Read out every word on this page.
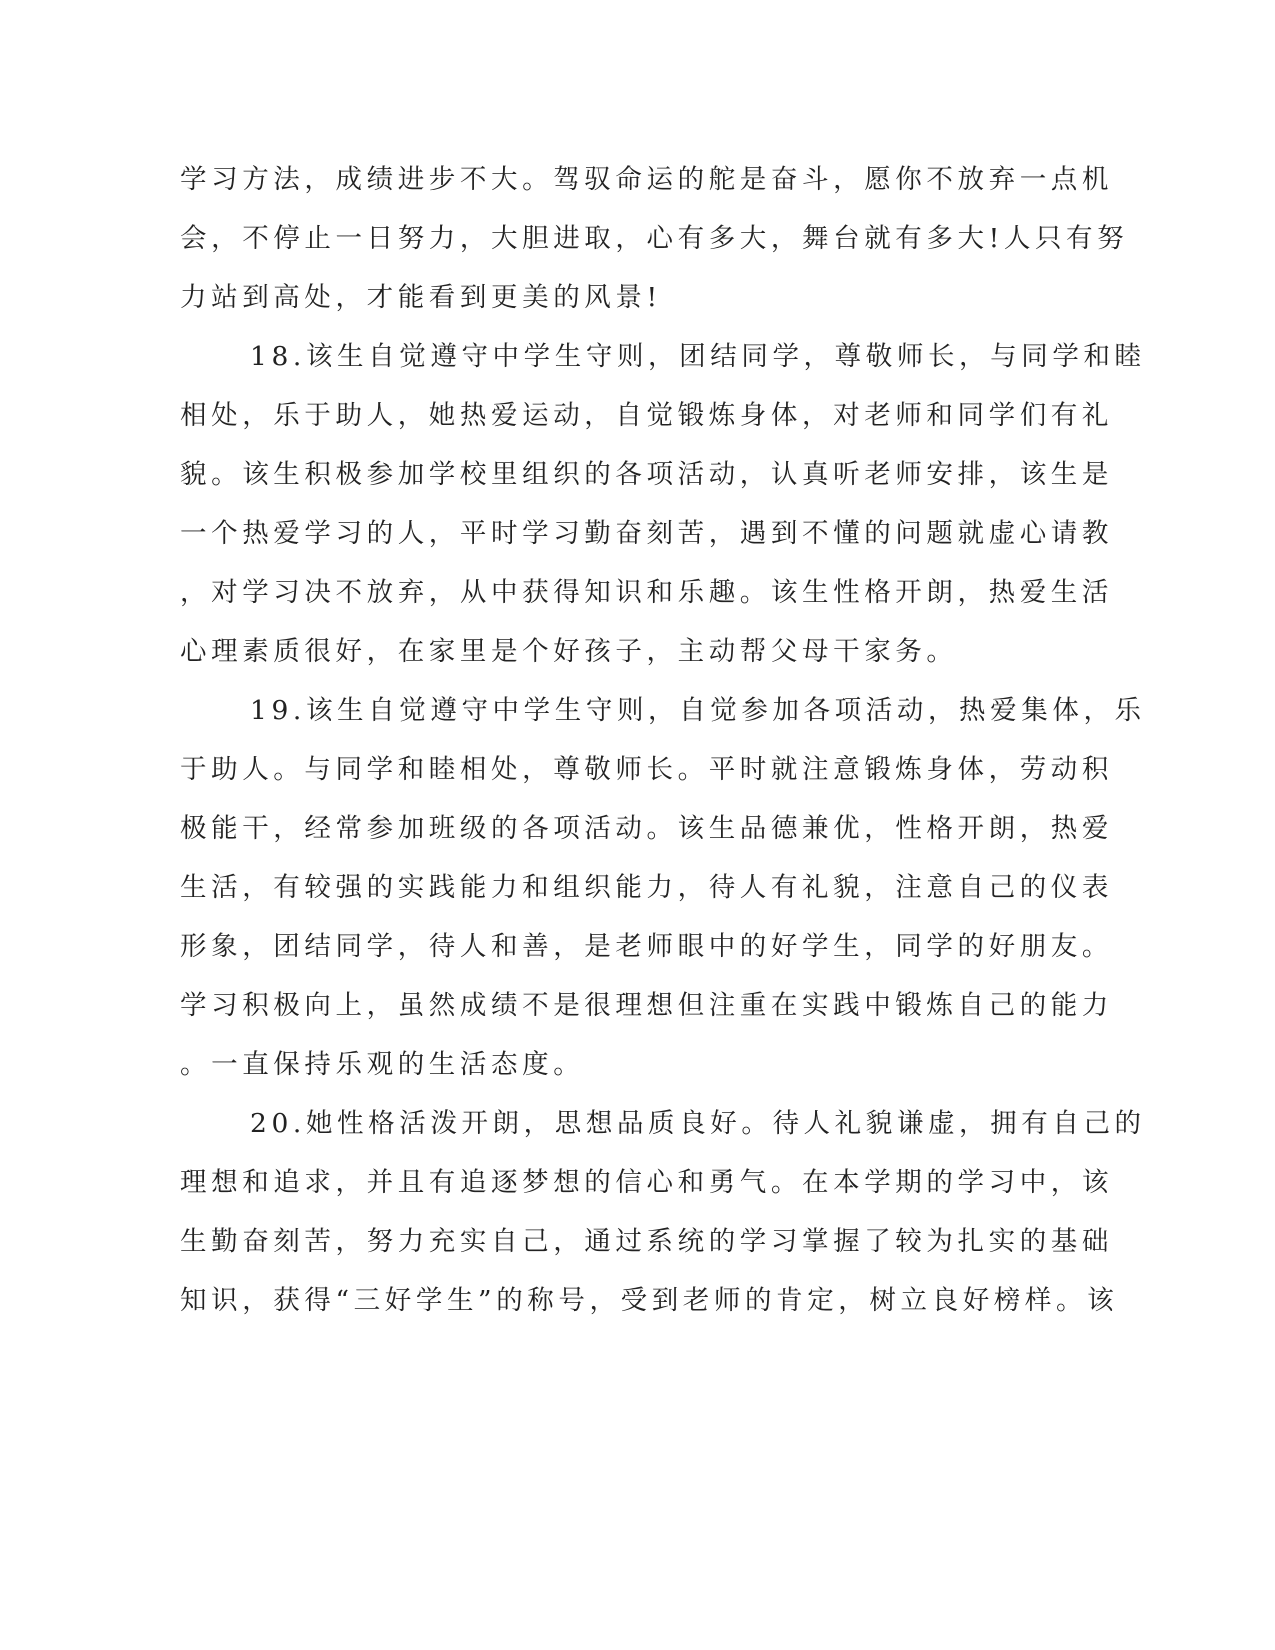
学习方法，成绩进步不大。驾驭命运的舵是奋斗，愿你不放弃一点机

会，不停止一日努力，大胆进取，心有多大，舞台就有多大!人只有努

力站到高处，才能看到更美的风景!

18.该生自觉遵守中学生守则，团结同学，尊敬师长，与同学和睦

相处，乐于助人，她热爱运动，自觉锻炼身体，对老师和同学们有礼

貌。该生积极参加学校里组织的各项活动，认真听老师安排，该生是

一个热爱学习的人，平时学习勤奋刻苦，遇到不懂的问题就虚心请教

，对学习决不放弃，从中获得知识和乐趣。该生性格开朗，热爱生活

心理素质很好，在家里是个好孩子，主动帮父母干家务。

19.该生自觉遵守中学生守则，自觉参加各项活动，热爱集体，乐

于助人。与同学和睦相处，尊敬师长。平时就注意锻炼身体，劳动积

极能干，经常参加班级的各项活动。该生品德兼优，性格开朗，热爱

生活，有较强的实践能力和组织能力，待人有礼貌，注意自己的仪表

形象，团结同学，待人和善，是老师眼中的好学生，同学的好朋友。

学习积极向上，虽然成绩不是很理想但注重在实践中锻炼自己的能力

。一直保持乐观的生活态度。

20.她性格活泼开朗，思想品质良好。待人礼貌谦虚，拥有自己的

理想和追求，并且有追逐梦想的信心和勇气。在本学期的学习中，该

生勤奋刻苦，努力充实自己，通过系统的学习掌握了较为扎实的基础

知识，获得“三好学生”的称号，受到老师的肯定，树立良好榜样。该
